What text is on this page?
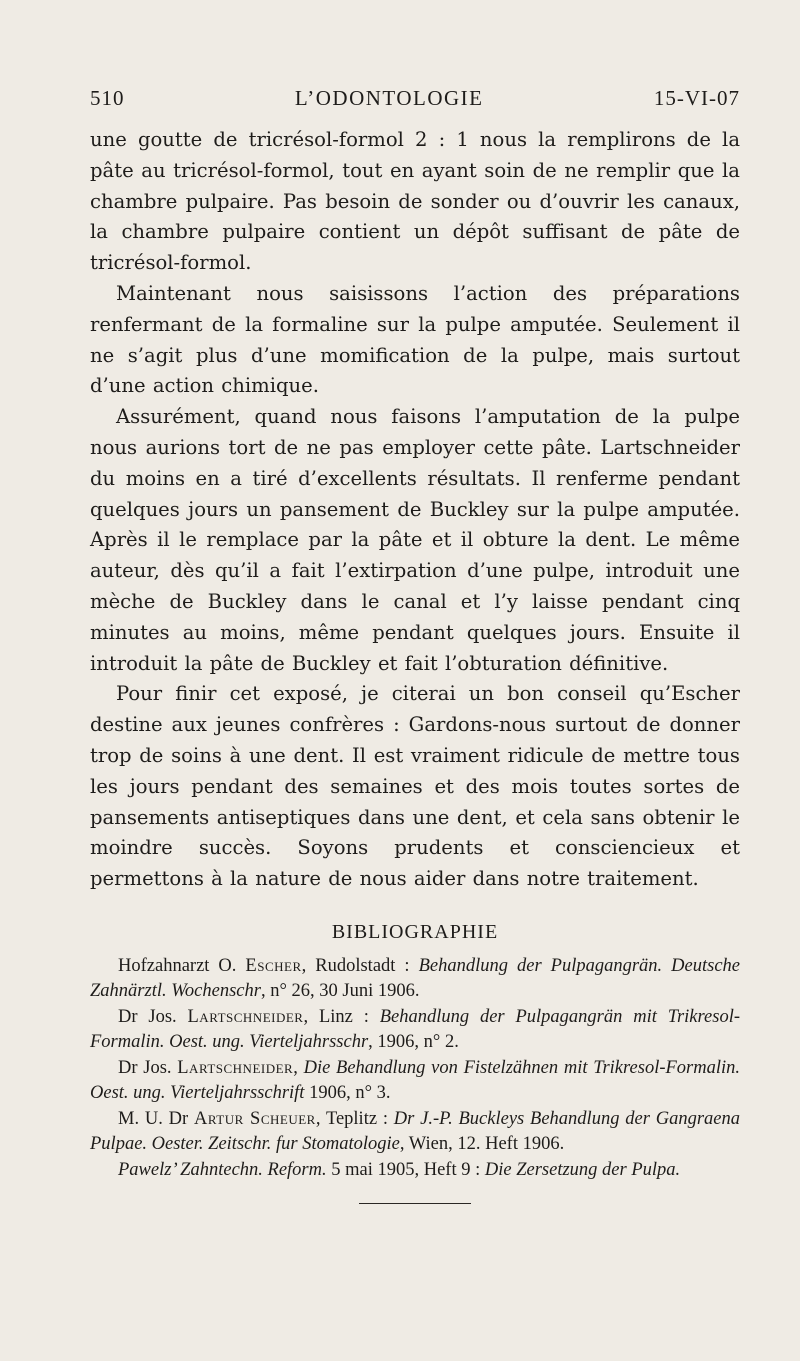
510	L’ODONTOLOGIE	15-VI-07

une goutte de tricrésol-formol 2 : 1 nous la remplirons de la pâte au tricrésol-formol, tout en ayant soin de ne remplir que la chambre pulpaire. Pas besoin de sonder ou d’ouvrir les canaux, la chambre pulpaire contient un dépôt suffisant de pâte de tricrésol-formol.

Maintenant nous saisissons l’action des préparations renfermant de la formaline sur la pulpe amputée. Seulement il ne s’agit plus d’une momification de la pulpe, mais surtout d’une action chimique.

Assurément, quand nous faisons l’amputation de la pulpe nous aurions tort de ne pas employer cette pâte. Lartschneider du moins en a tiré d’excellents résultats. Il renferme pendant quelques jours un pansement de Buckley sur la pulpe amputée. Après il le remplace par la pâte et il obture la dent. Le même auteur, dès qu’il a fait l’extirpation d’une pulpe, introduit une mèche de Buckley dans le canal et l’y laisse pendant cinq minutes au moins, même pendant quelques jours. Ensuite il introduit la pâte de Buckley et fait l’obturation définitive.

Pour finir cet exposé, je citerai un bon conseil qu’Escher destine aux jeunes confrères : Gardons-nous surtout de donner trop de soins à une dent. Il est vraiment ridicule de mettre tous les jours pendant des semaines et des mois toutes sortes de pansements antiseptiques dans une dent, et cela sans obtenir le moindre succès. Soyons prudents et consciencieux et permettons à la nature de nous aider dans notre traitement.

BIBLIOGRAPHIE

Hofzahnarzt O. Escher, Rudolstadt : Behandlung der Pulpagangrän. Deutsche Zahnärztl. Wochenschr, n° 26, 30 Juni 1906.

Dr Jos. Lartschneider, Linz : Behandlung der Pulpagangrän mit Trikresol-Formalin. Oest. ung. Vierteljahrsschr, 1906, n° 2.

Dr Jos. Lartschneider, Die Behandlung von Fistelzähnen mit Trikresol-Formalin. Oest. ung. Vierteljahrsschrift 1906, n° 3.

M. U. Dr Artur Scheuer, Teplitz : Dr J.-P. Buckleys Behandlung der Gangraena Pulpae. Oester. Zeitschr. fur Stomatologie, Wien, 12. Heft 1906.

Pawelz’ Zahntechn. Reform. 5 mai 1905, Heft 9 : Die Zersetzung der Pulpa.
